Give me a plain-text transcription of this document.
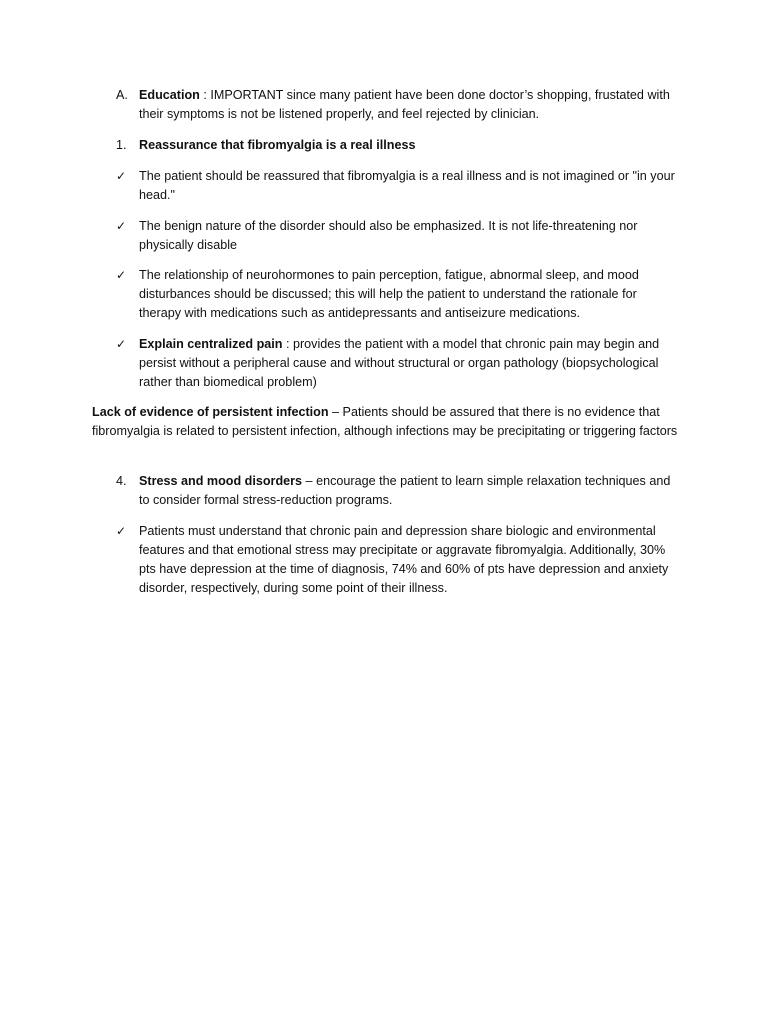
A. Education : IMPORTANT since many patient have been done doctor’s shopping, frustated with their symptoms is not be listened properly, and feel rejected by clinician.
1. Reassurance that fibromyalgia is a real illness
✓	The patient should be reassured that fibromyalgia is a real illness and is not imagined or "in your head."
✓	The benign nature of the disorder should also be emphasized. It is not life-threatening nor physically disable
✓	The relationship of neurohormones to pain perception, fatigue, abnormal sleep, and mood disturbances should be discussed; this will help the patient to understand the rationale for therapy with medications such as antidepressants and antiseizure medications.
✓	Explain centralized pain : provides the patient with a model that chronic pain may begin and persist without a peripheral cause and without structural or organ pathology (biopsychological rather than biomedical problem)
Lack of evidence of persistent infection – Patients should be assured that there is no evidence that fibromyalgia is related to persistent infection, although infections may be precipitating or triggering factors
4. Stress and mood disorders – encourage the patient to learn simple relaxation techniques and to consider formal stress-reduction programs.
✓	Patients must understand that chronic pain and depression share biologic and environmental features and that emotional stress may precipitate or aggravate fibromyalgia. Additionally, 30% pts have depression at the time of diagnosis, 74% and 60% of pts have depression and anxiety disorder, respectively, during some point of their illness.
